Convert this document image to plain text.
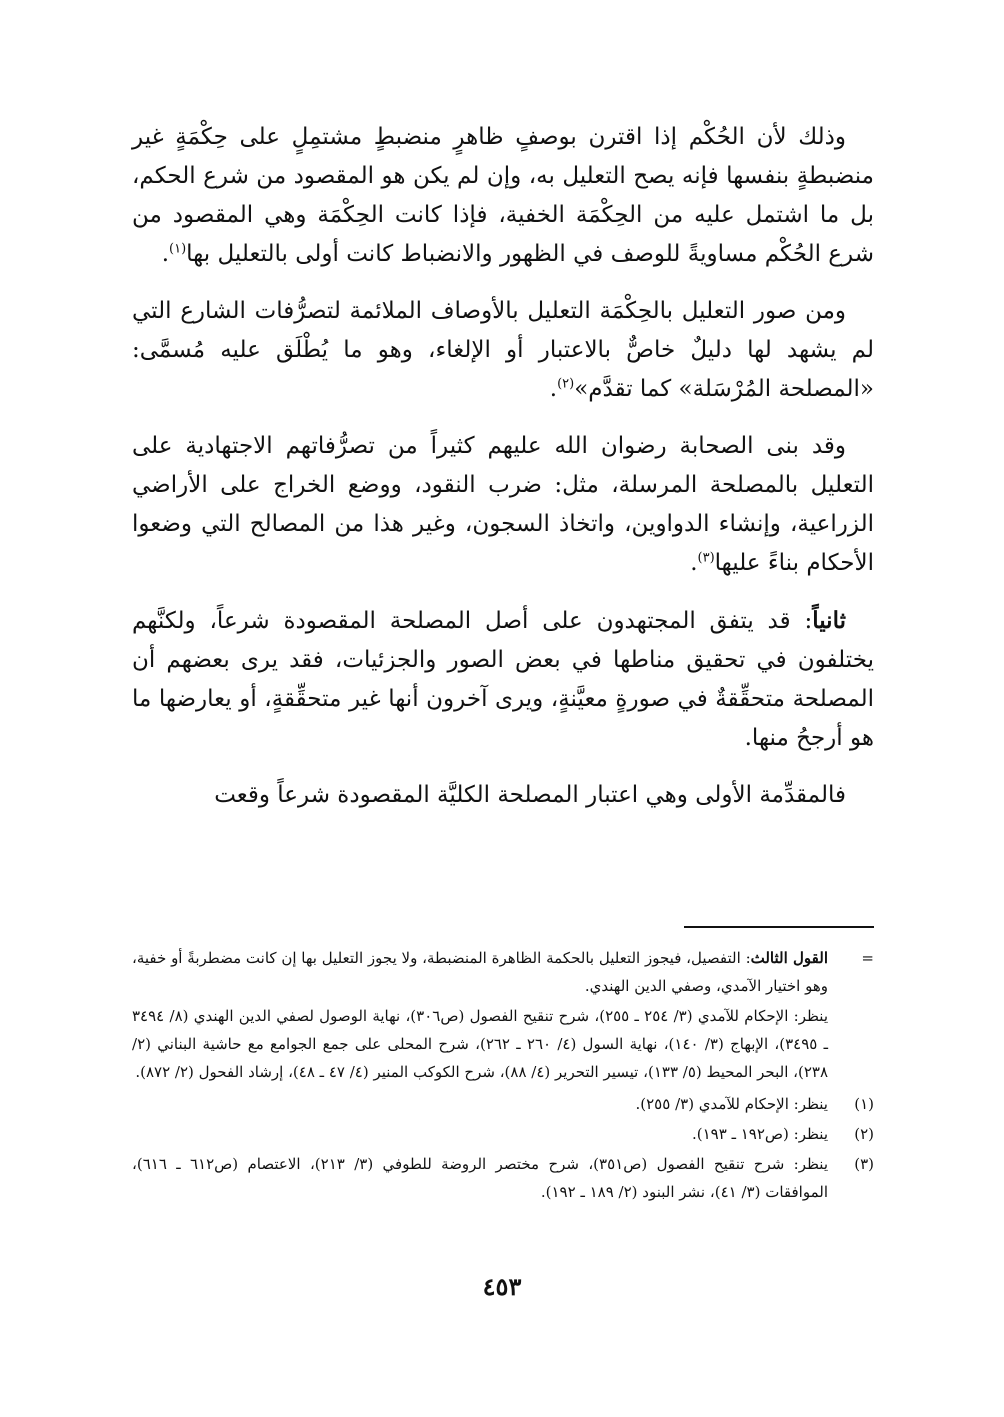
وذلك لأن الحُكْم إذا اقترن بوصفٍ ظاهرٍ منضبطٍ مشتمِلٍ على حِكْمَةٍ غير منضبطةٍ بنفسها فإنه يصح التعليل به، وإن لم يكن هو المقصود من شرع الحكم، بل ما اشتمل عليه من الحِكْمَة الخفية، فإذا كانت الحِكْمَة وهي المقصود من شرع الحُكْم مساويةً للوصف في الظهور والانضباط كانت أولى بالتعليل بها$^{(١)}$.

ومن صور التعليل بالحِكْمَة التعليل بالأوصاف الملائمة لتصرُّفات الشارع التي لم يشهد لها دليلٌ خاصٌّ بالاعتبار أو الإلغاء، وهو ما يُطْلَق عليه مُسمَّى: «المصلحة المُرْسَلة» كما تقدَّم»$^{(٢)}$.

وقد بنى الصحابة رضوان الله عليهم كثيراً من تصرُّفاتهم الاجتهادية على التعليل بالمصلحة المرسلة، مثل: ضرب النقود، ووضع الخراج على الأراضي الزراعية، وإنشاء الدواوين، واتخاذ السجون، وغير هذا من المصالح التي وضعوا الأحكام بناءً عليها$^{(٣)}$.

ثانياً: قد يتفق المجتهدون على أصل المصلحة المقصودة شرعاً، ولكنَّهم يختلفون في تحقيق مناطها في بعض الصور والجزئيات، فقد يرى بعضهم أن المصلحة متحقِّقةٌ في صورةٍ معيَّنةٍ، ويرى آخرون أنها غير متحقِّقةٍ، أو يعارضها ما هو أرجحُ منها.

فالمقدِّمة الأولى وهي اعتبار المصلحة الكليَّة المقصودة شرعاً وقعت

=

القول الثالث: التفصيل، فيجوز التعليل بالحكمة الظاهرة المنضبطة، ولا يجوز التعليل بها إن كانت مضطربةً أو خفية، وهو اختيار الآمدي، وصفي الدين الهندي.

ينظر: الإحكام للآمدي (٣/ ٢٥٤ ـ ٢٥٥)، شرح تنقيح الفصول (ص٣٠٦)، نهاية الوصول لصفي الدين الهندي (٨/ ٣٤٩٤ ـ ٣٤٩٥)، الإبهاج (٣/ ١٤٠)، نهاية السول (٤/ ٢٦٠ ـ ٢٦٢)، شرح المحلى على جمع الجوامع مع حاشية البناني (٢/ ٢٣٨)، البحر المحيط (٥/ ١٣٣)، تيسير التحرير (٤/ ٨٨)، شرح الكوكب المنير (٤/ ٤٧ ـ ٤٨)، إرشاد الفحول (٢/ ٨٧٢).

(١)
ينظر: الإحكام للآمدي (٣/ ٢٥٥).
(٢)
ينظر: (ص١٩٢ ـ ١٩٣).
(٣)
ينظر: شرح تنقيح الفصول (ص٣٥١)، شرح مختصر الروضة للطوفي (٣/ ٢١٣)، الاعتصام (ص٦١٢ ـ ٦١٦)، الموافقات (٣/ ٤١)، نشر البنود (٢/ ١٨٩ ـ ١٩٢).
٤٥٣
